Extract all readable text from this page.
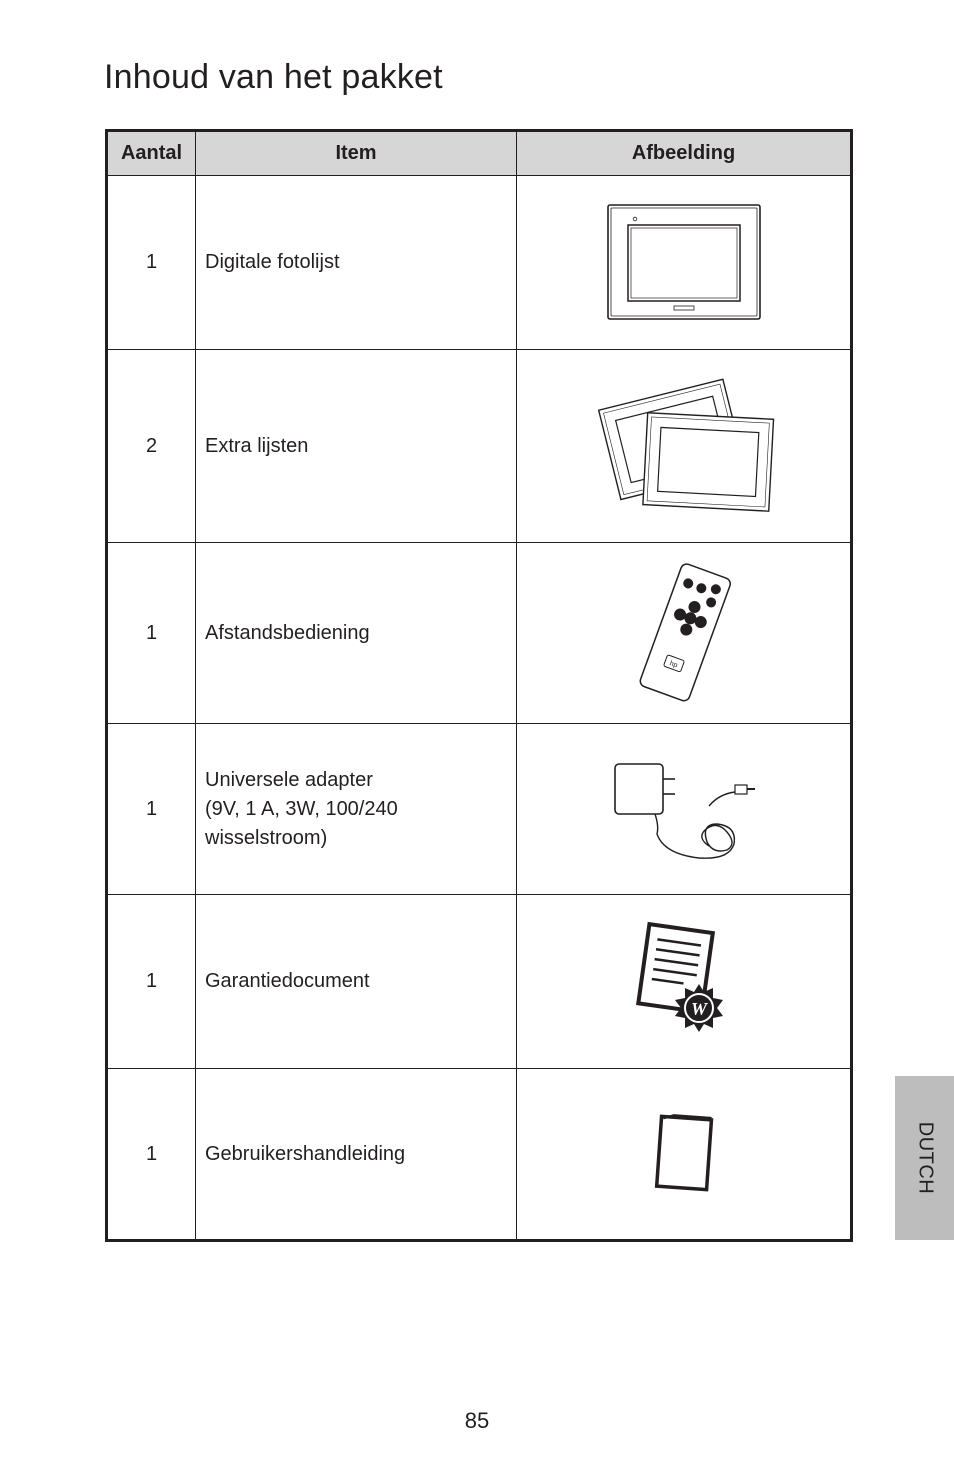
Inhoud van het pakket
Aantal	Item	Afbeelding
1	Digitale fotolijst	

2	Extra lijsten	

1	Afstandsbediening	hp

1	Universele adapter
(9V, 1 A, 3W, 100/240
wisselstroom)

1	Garantiedocument	W

1	Gebruikershandleiding		DUTCH
85
